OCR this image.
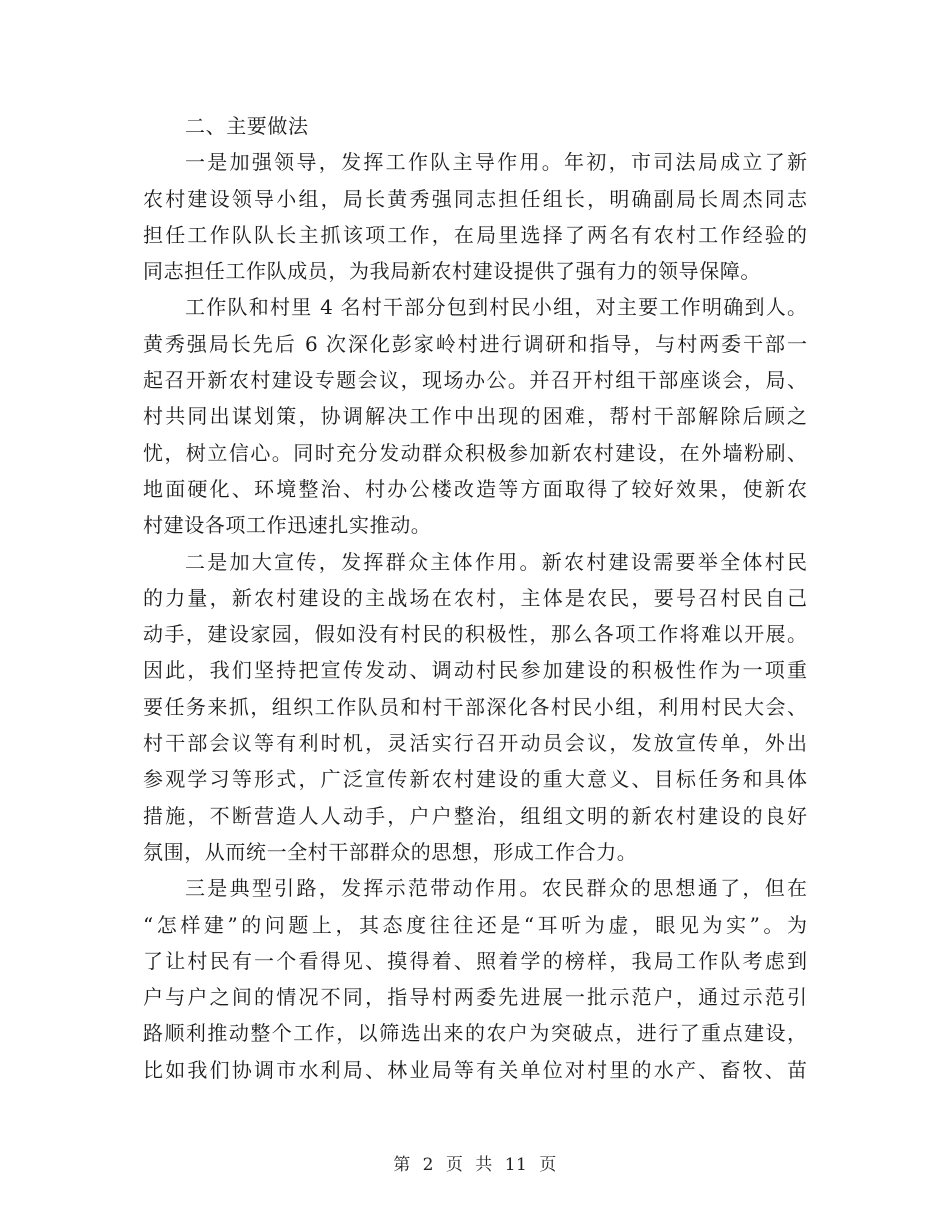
二、主要做法
一是加强领导，发挥工作队主导作用。年初，市司法局成立了新
农村建设领导小组，局长黄秀强同志担任组长，明确副局长周杰同志
担任工作队队长主抓该项工作，在局里选择了两名有农村工作经验的
同志担任工作队成员，为我局新农村建设提供了强有力的领导保障。
工作队和村里 4 名村干部分包到村民小组，对主要工作明确到人。
黄秀强局长先后 6 次深化彭家岭村进行调研和指导，与村两委干部一
起召开新农村建设专题会议，现场办公。并召开村组干部座谈会，局、
村共同出谋划策，协调解决工作中出现的困难，帮村干部解除后顾之
忧，树立信心。同时充分发动群众积极参加新农村建设，在外墙粉刷、
地面硬化、环境整治、村办公楼改造等方面取得了较好效果，使新农
村建设各项工作迅速扎实推动。
二是加大宣传，发挥群众主体作用。新农村建设需要举全体村民
的力量，新农村建设的主战场在农村，主体是农民，要号召村民自己
动手，建设家园，假如没有村民的积极性，那么各项工作将难以开展。
因此，我们坚持把宣传发动、调动村民参加建设的积极性作为一项重
要任务来抓，组织工作队员和村干部深化各村民小组，利用村民大会、
村干部会议等有利时机，灵活实行召开动员会议，发放宣传单，外出
参观学习等形式，广泛宣传新农村建设的重大意义、目标任务和具体
措施，不断营造人人动手，户户整治，组组文明的新农村建设的良好
氛围，从而统一全村干部群众的思想，形成工作合力。
三是典型引路，发挥示范带动作用。农民群众的思想通了，但在
“怎样建”的问题上，其态度往往还是“耳听为虚，眼见为实”。为
了让村民有一个看得见、摸得着、照着学的榜样，我局工作队考虑到
户与户之间的情况不同，指导村两委先进展一批示范户，通过示范引
路顺利推动整个工作，以筛选出来的农户为突破点，进行了重点建设，
比如我们协调市水利局、林业局等有关单位对村里的水产、畜牧、苗
第 2 页 共 11 页
